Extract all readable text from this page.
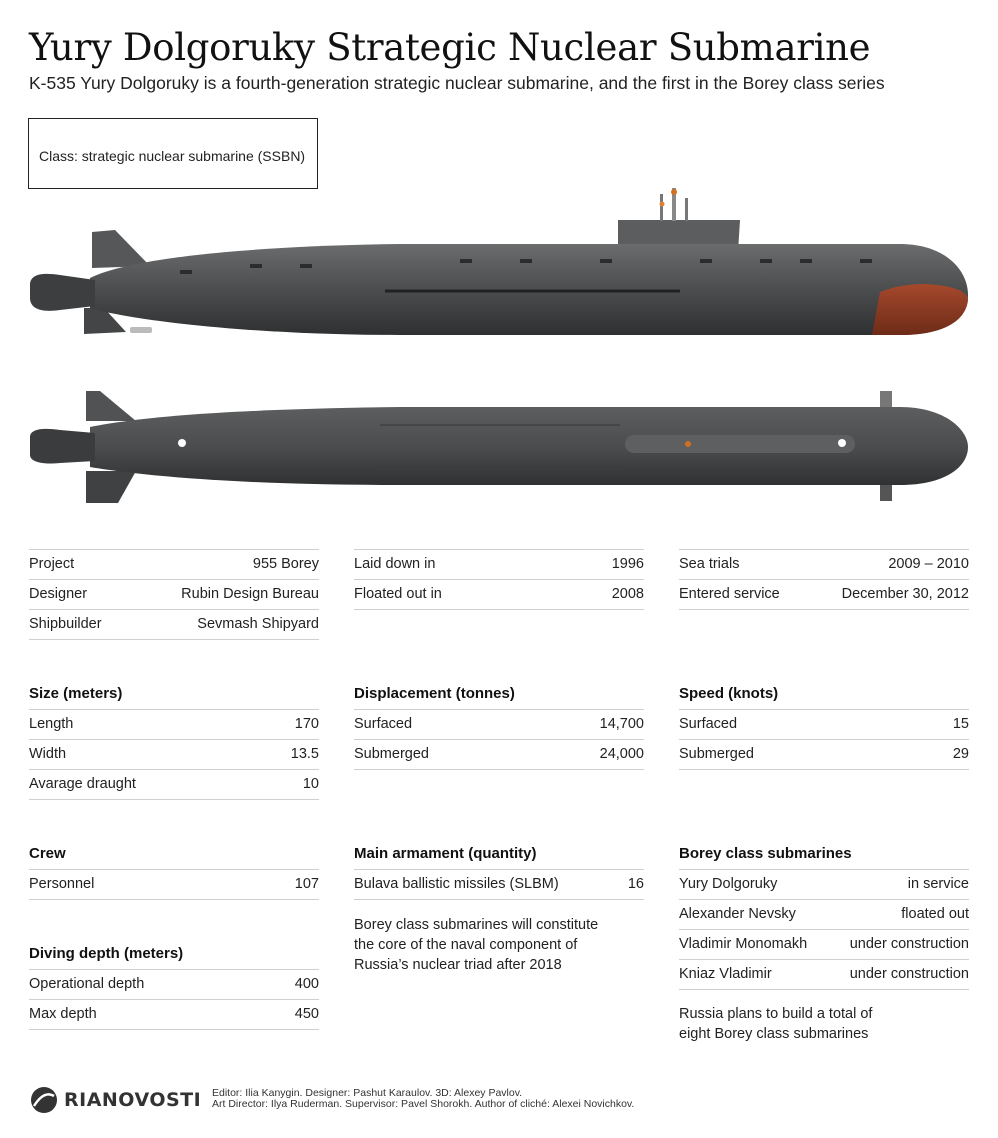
Yury Dolgoruky Strategic Nuclear Submarine
K-535 Yury Dolgoruky is a fourth-generation strategic nuclear submarine, and the first in the Borey class series
Class: strategic nuclear submarine (SSBN)
Project	955 Borey
Designer	Rubin Design Bureau
Shipbuilder	Sevmash Shipyard
Laid down in	1996
Floated out in	2008
Sea trials	2009 – 2010
Entered service	December 30, 2012
Size (meters)
Length	170
Width	13.5
Avarage draught	10
Displacement (tonnes)
Surfaced	14,700
Submerged	24,000
Speed (knots)
Surfaced	15
Submerged	29
Crew
Personnel	107
Diving depth (meters)
Operational depth	400
Max depth	450
Main armament (quantity)
Bulava ballistic missiles (SLBM)	16
Borey class submarines will constitute the core of the naval component of Russia’s nuclear triad after 2018
Borey class submarines
Yury Dolgoruky	in service
Alexander Nevsky	floated out
Vladimir Monomakh	under construction
Kniaz Vladimir	under construction
Russia plans to build a total of eight Borey class submarines
RIANOVOSTI Editor: Ilia Kanygin. Designer: Pashut Karaulov. 3D: Alexey Pavlov.
Art Director: Ilya Ruderman. Supervisor: Pavel Shorokh. Author of cliché: Alexei Novichkov.
